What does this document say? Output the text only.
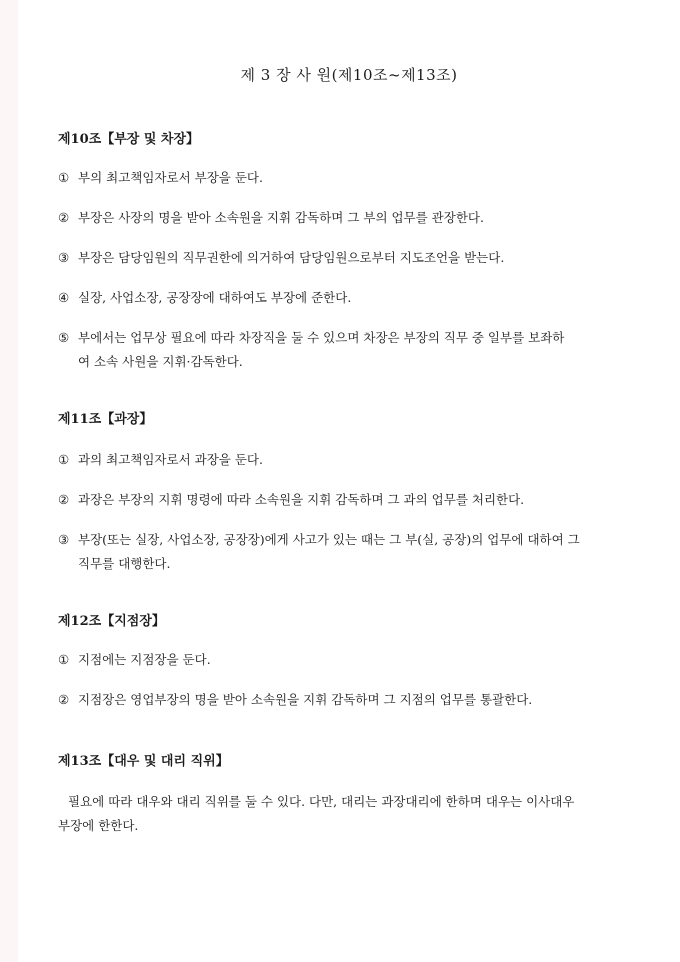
제 3 장 사 원(제10조~제13조)
제10조【부장 및 차장】
① 부의 최고책임자로서 부장을 둔다.
② 부장은 사장의 명을 받아 소속원을 지휘 감독하며 그 부의 업무를 관장한다.
③ 부장은 담당임원의 직무권한에 의거하여 담당임원으로부터 지도조언을 받는다.
④ 실장, 사업소장, 공장장에 대하여도 부장에 준한다.
⑤ 부에서는 업무상 필요에 따라 차장직을 둘 수 있으며 차장은 부장의 직무 중 일부를 보좌하
여 소속 사원을 지휘·감독한다.
제11조【과장】
① 과의 최고책임자로서 과장을 둔다.
② 과장은 부장의 지휘 명령에 따라 소속원을 지휘 감독하며 그 과의 업무를 처리한다.
③ 부장(또는 실장, 사업소장, 공장장)에게 사고가 있는 때는 그 부(실, 공장)의 업무에 대하여 그
직무를 대행한다.
제12조【지점장】
① 지점에는 지점장을 둔다.
② 지점장은 영업부장의 명을 받아 소속원을 지휘 감독하며 그 지점의 업무를 통괄한다.
제13조【대우 및 대리 직위】
필요에 따라 대우와 대리 직위를 둘 수 있다. 다만, 대리는 과장대리에 한하며 대우는 이사대우
부장에 한한다.
